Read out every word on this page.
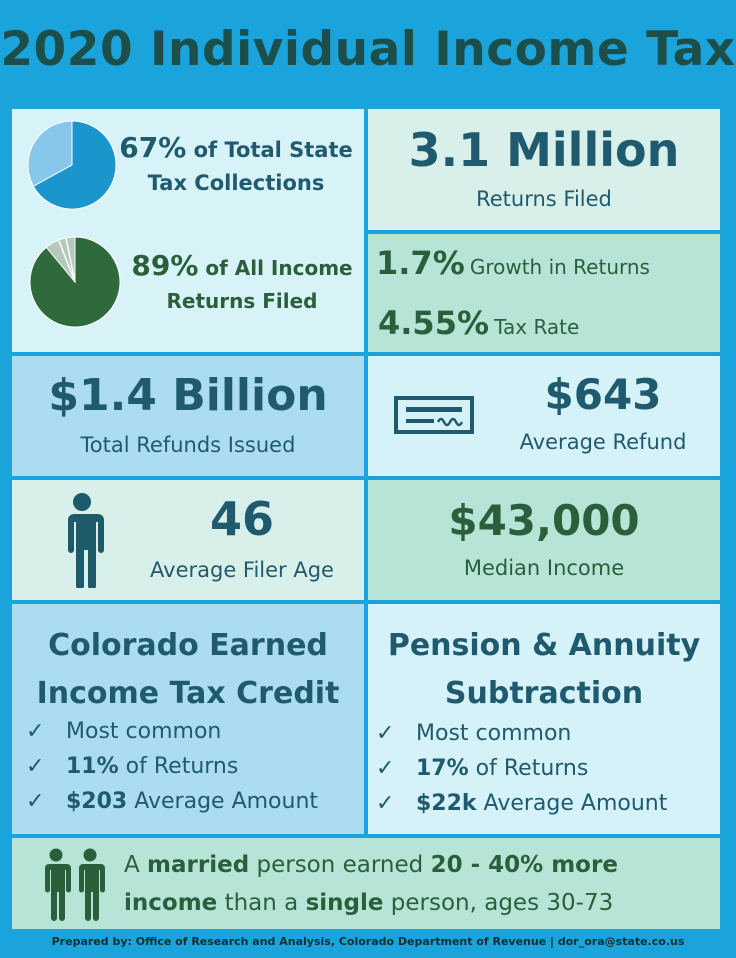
2020 Individual Income Tax
67% of Total State
Tax Collections
89% of All Income
Returns Filed
3.1 Million
Returns Filed
1.7% Growth in Returns
4.55% Tax Rate
$1.4 Billion
Total Refunds Issued
$643
Average Refund
46
Average Filer Age
$43,000
Median Income
Colorado Earned
Income Tax Credit
✓ Most common
✓ 11% of Returns
✓ $203 Average Amount
Pension & Annuity
Subtraction
✓ Most common
✓ 17% of Returns
✓ $22k Average Amount
A married person earned 20 - 40% more
income than a single person, ages 30-73
Prepared by: Office of Research and Analysis, Colorado Department of Revenue | dor_ora@state.co.us
